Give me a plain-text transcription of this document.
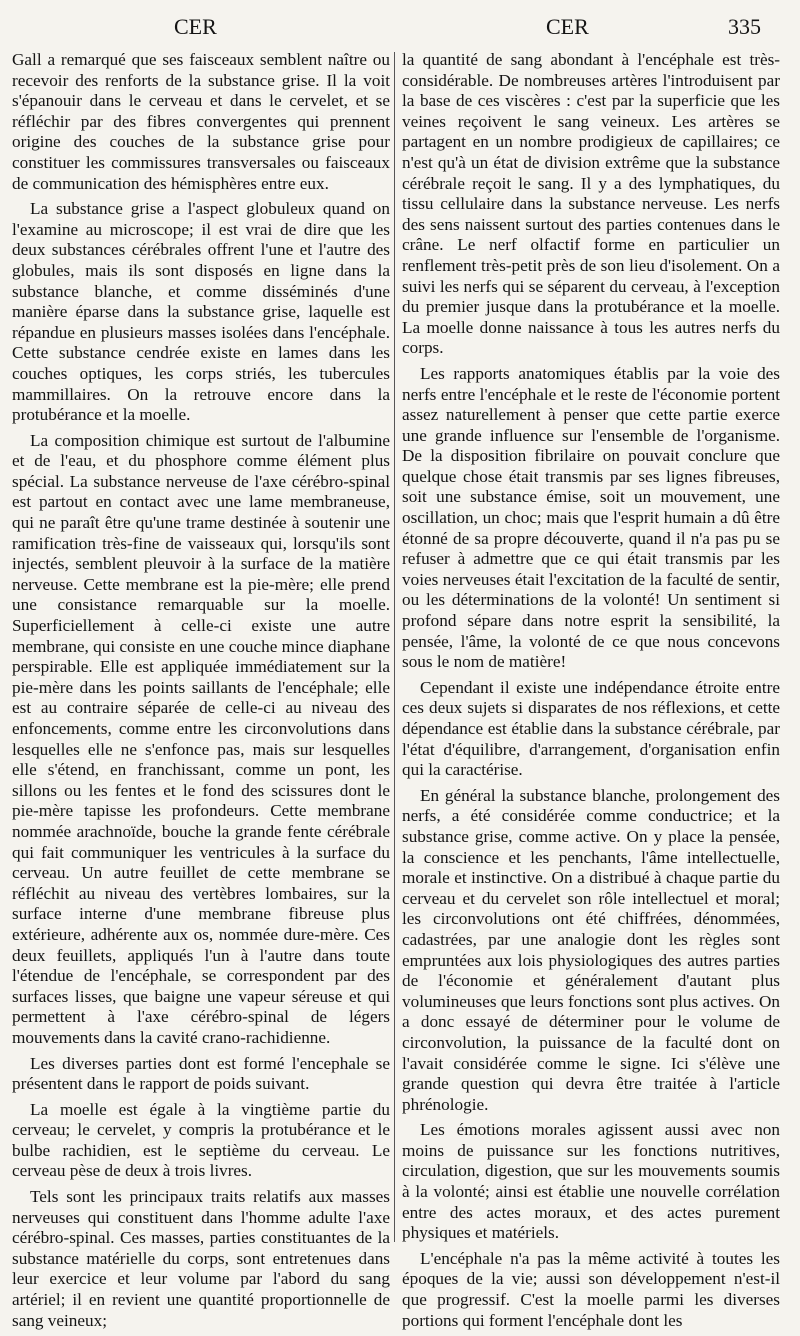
CER	CER	335

Gall a remarqué que ses faisceaux semblent naître ou recevoir des renforts de la substance grise. Il la voit s'épanouir dans le cerveau et dans le cervelet, et se réfléchir par des fibres convergentes qui prennent origine des couches de la substance grise pour constituer les commissures transversales ou faisceaux de communication des hémisphères entre eux.

La substance grise a l'aspect globuleux quand on l'examine au microscope; il est vrai de dire que les deux substances cérébrales offrent l'une et l'autre des globules, mais ils sont disposés en ligne dans la substance blanche, et comme disséminés d'une manière éparse dans la substance grise, laquelle est répandue en plusieurs masses isolées dans l'encéphale. Cette substance cendrée existe en lames dans les couches optiques, les corps striés, les tubercules mammillaires. On la retrouve encore dans la protubérance et la moelle.

La composition chimique est surtout de l'albumine et de l'eau, et du phosphore comme élément plus spécial. La substance nerveuse de l'axe cérébro-spinal est partout en contact avec une lame membraneuse, qui ne paraît être qu'une trame destinée à soutenir une ramification très-fine de vaisseaux qui, lorsqu'ils sont injectés, semblent pleuvoir à la surface de la matière nerveuse. Cette membrane est la pie-mère; elle prend une consistance remarquable sur la moelle. Superficiellement à celle-ci existe une autre membrane, qui consiste en une couche mince diaphane perspirable. Elle est appliquée immédiatement sur la pie-mère dans les points saillants de l'encéphale; elle est au contraire séparée de celle-ci au niveau des enfoncements, comme entre les circonvolutions dans lesquelles elle ne s'enfonce pas, mais sur lesquelles elle s'étend, en franchissant, comme un pont, les sillons ou les fentes et le fond des scissures dont le pie-mère tapisse les profondeurs. Cette membrane nommée arachnoïde, bouche la grande fente cérébrale qui fait communiquer les ventricules à la surface du cerveau. Un autre feuillet de cette membrane se réfléchit au niveau des vertèbres lombaires, sur la surface interne d'une membrane fibreuse plus extérieure, adhérente aux os, nommée dure-mère. Ces deux feuillets, appliqués l'un à l'autre dans toute l'étendue de l'encéphale, se correspondent par des surfaces lisses, que baigne une vapeur séreuse et qui permettent à l'axe cérébro-spinal de légers mouvements dans la cavité crano-rachidienne.

Les diverses parties dont est formé l'encephale se présentent dans le rapport de poids suivant.

La moelle est égale à la vingtième partie du cerveau; le cervelet, y compris la protubérance et le bulbe rachidien, est le septième du cerveau. Le cerveau pèse de deux à trois livres.

Tels sont les principaux traits relatifs aux masses nerveuses qui constituent dans l'homme adulte l'axe cérébro-spinal. Ces masses, parties constituantes de la substance matérielle du corps, sont entretenues dans leur exercice et leur volume par l'abord du sang artériel; il en revient une quantité proportionnelle de sang veineux;

la quantité de sang abondant à l'encéphale est très-considérable. De nombreuses artères l'introduisent par la base de ces viscères : c'est par la superficie que les veines reçoivent le sang veineux. Les artères se partagent en un nombre prodigieux de capillaires; ce n'est qu'à un état de division extrême que la substance cérébrale reçoit le sang. Il y a des lymphatiques, du tissu cellulaire dans la substance nerveuse. Les nerfs des sens naissent surtout des parties contenues dans le crâne. Le nerf olfactif forme en particulier un renflement très-petit près de son lieu d'isolement. On a suivi les nerfs qui se séparent du cerveau, à l'exception du premier jusque dans la protubérance et la moelle. La moelle donne naissance à tous les autres nerfs du corps.

Les rapports anatomiques établis par la voie des nerfs entre l'encéphale et le reste de l'économie portent assez naturellement à penser que cette partie exerce une grande influence sur l'ensemble de l'organisme. De la disposition fibrilaire on pouvait conclure que quelque chose était transmis par ses lignes fibreuses, soit une substance émise, soit un mouvement, une oscillation, un choc; mais que l'esprit humain a dû être étonné de sa propre découverte, quand il n'a pas pu se refuser à admettre que ce qui était transmis par les voies nerveuses était l'excitation de la faculté de sentir, ou les déterminations de la volonté! Un sentiment si profond sépare dans notre esprit la sensibilité, la pensée, l'âme, la volonté de ce que nous concevons sous le nom de matière!

Cependant il existe une indépendance étroite entre ces deux sujets si disparates de nos réflexions, et cette dépendance est établie dans la substance cérébrale, par l'état d'équilibre, d'arrangement, d'organisation enfin qui la caractérise.

En général la substance blanche, prolongement des nerfs, a été considérée comme conductrice; et la substance grise, comme active. On y place la pensée, la conscience et les penchants, l'âme intellectuelle, morale et instinctive. On a distribué à chaque partie du cerveau et du cervelet son rôle intellectuel et moral; les circonvolutions ont été chiffrées, dénommées, cadastrées, par une analogie dont les règles sont empruntées aux lois physiologiques des autres parties de l'économie et généralement d'autant plus volumineuses que leurs fonctions sont plus actives. On a donc essayé de déterminer pour le volume de circonvolution, la puissance de la faculté dont on l'avait considérée comme le signe. Ici s'élève une grande question qui devra être traitée à l'article phrénologie.

Les émotions morales agissent aussi avec non moins de puissance sur les fonctions nutritives, circulation, digestion, que sur les mouvements soumis à la volonté; ainsi est établie une nouvelle corrélation entre des actes moraux, et des actes purement physiques et matériels.

L'encéphale n'a pas la même activité à toutes les époques de la vie; aussi son développement n'est-il que progressif. C'est la moelle parmi les diverses portions qui forment l'encéphale dont les
